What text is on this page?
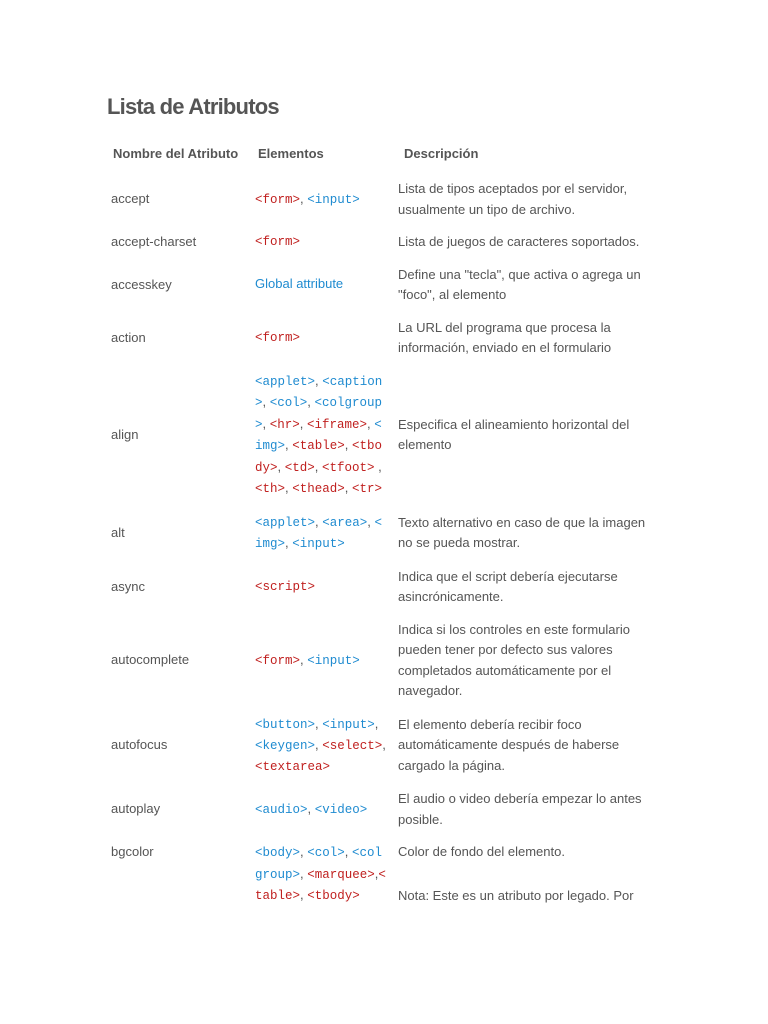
Lista de Atributos
Nombre del Atributo	Elementos	Descripción
accept	<form>, <input>	Lista de tipos aceptados por el servidor, usualmente un tipo de archivo.

accept-charset	<form>	Lista de juegos de caracteres soportados.

accesskey	Global attribute	Define una "tecla", que activa o agrega un "foco", al elemento

action	<form>	La URL del programa que procesa la información, enviado en el formulario

align	<applet>, <caption>, <col>, <colgroup>, <hr>, <iframe>, <img>, <table>, <tbody>, <td>, <tfoot> , <th>, <thead>, <tr>	Especifica el alineamiento horizontal del elemento

alt	<applet>, <area>, <img>, <input>	Texto alternativo en caso de que la imagen no se pueda mostrar.

async	<script>	Indica que el script debería ejecutarse asincrónicamente.

autocomplete	<form>, <input>	Indica si los controles en este formulario pueden tener por defecto sus valores completados automáticamente por el navegador.

autofocus	<button>, <input>, <keygen>, <select>,<textarea>	El elemento debería recibir foco automáticamente después de haberse cargado la página.

autoplay	<audio>, <video>	El audio o video debería empezar lo antes posible.

bgcolor	<body>, <col>, <colgroup>, <marquee>,<table>, <tbody>	Color de fondo del elemento.

Nota: Este es un atributo por legado. Por
